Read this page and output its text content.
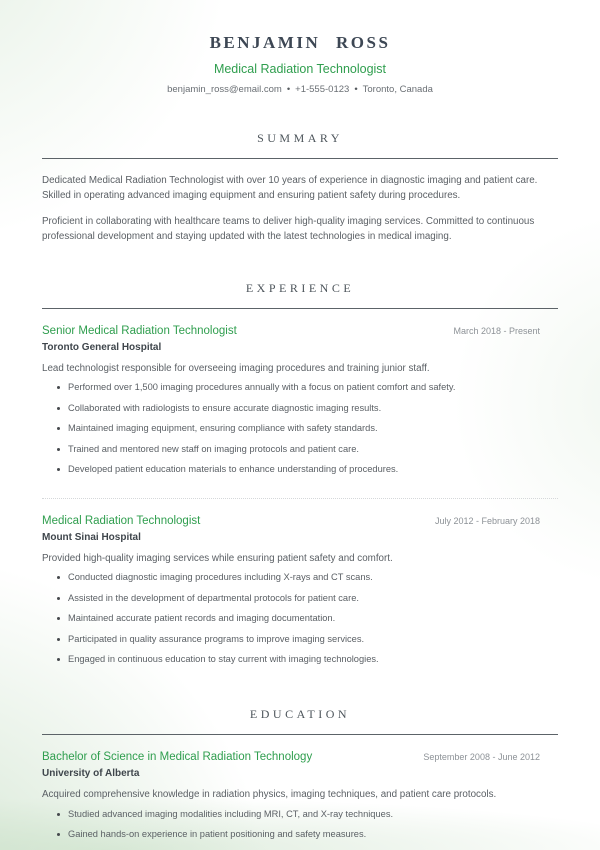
BENJAMIN ROSS
Medical Radiation Technologist
benjamin_ross@email.com • +1-555-0123 • Toronto, Canada
SUMMARY

Dedicated Medical Radiation Technologist with over 10 years of experience in diagnostic imaging and patient care. Skilled in operating advanced imaging equipment and ensuring patient safety during procedures.

Proficient in collaborating with healthcare teams to deliver high-quality imaging services. Committed to continuous professional development and staying updated with the latest technologies in medical imaging.

EXPERIENCE
Senior Medical Radiation Technologist	March 2018 - Present
Toronto General Hospital
Lead technologist responsible for overseeing imaging procedures and training junior staff.
Performed over 1,500 imaging procedures annually with a focus on patient comfort and safety.
Collaborated with radiologists to ensure accurate diagnostic imaging results.
Maintained imaging equipment, ensuring compliance with safety standards.
Trained and mentored new staff on imaging protocols and patient care.
Developed patient education materials to enhance understanding of procedures.
Medical Radiation Technologist	July 2012 - February 2018
Mount Sinai Hospital
Provided high-quality imaging services while ensuring patient safety and comfort.
Conducted diagnostic imaging procedures including X-rays and CT scans.
Assisted in the development of departmental protocols for patient care.
Maintained accurate patient records and imaging documentation.
Participated in quality assurance programs to improve imaging services.
Engaged in continuous education to stay current with imaging technologies.
EDUCATION
Bachelor of Science in Medical Radiation Technology	September 2008 - June 2012
University of Alberta
Acquired comprehensive knowledge in radiation physics, imaging techniques, and patient care protocols.
Studied advanced imaging modalities including MRI, CT, and X-ray techniques.
Gained hands-on experience in patient positioning and safety measures.
